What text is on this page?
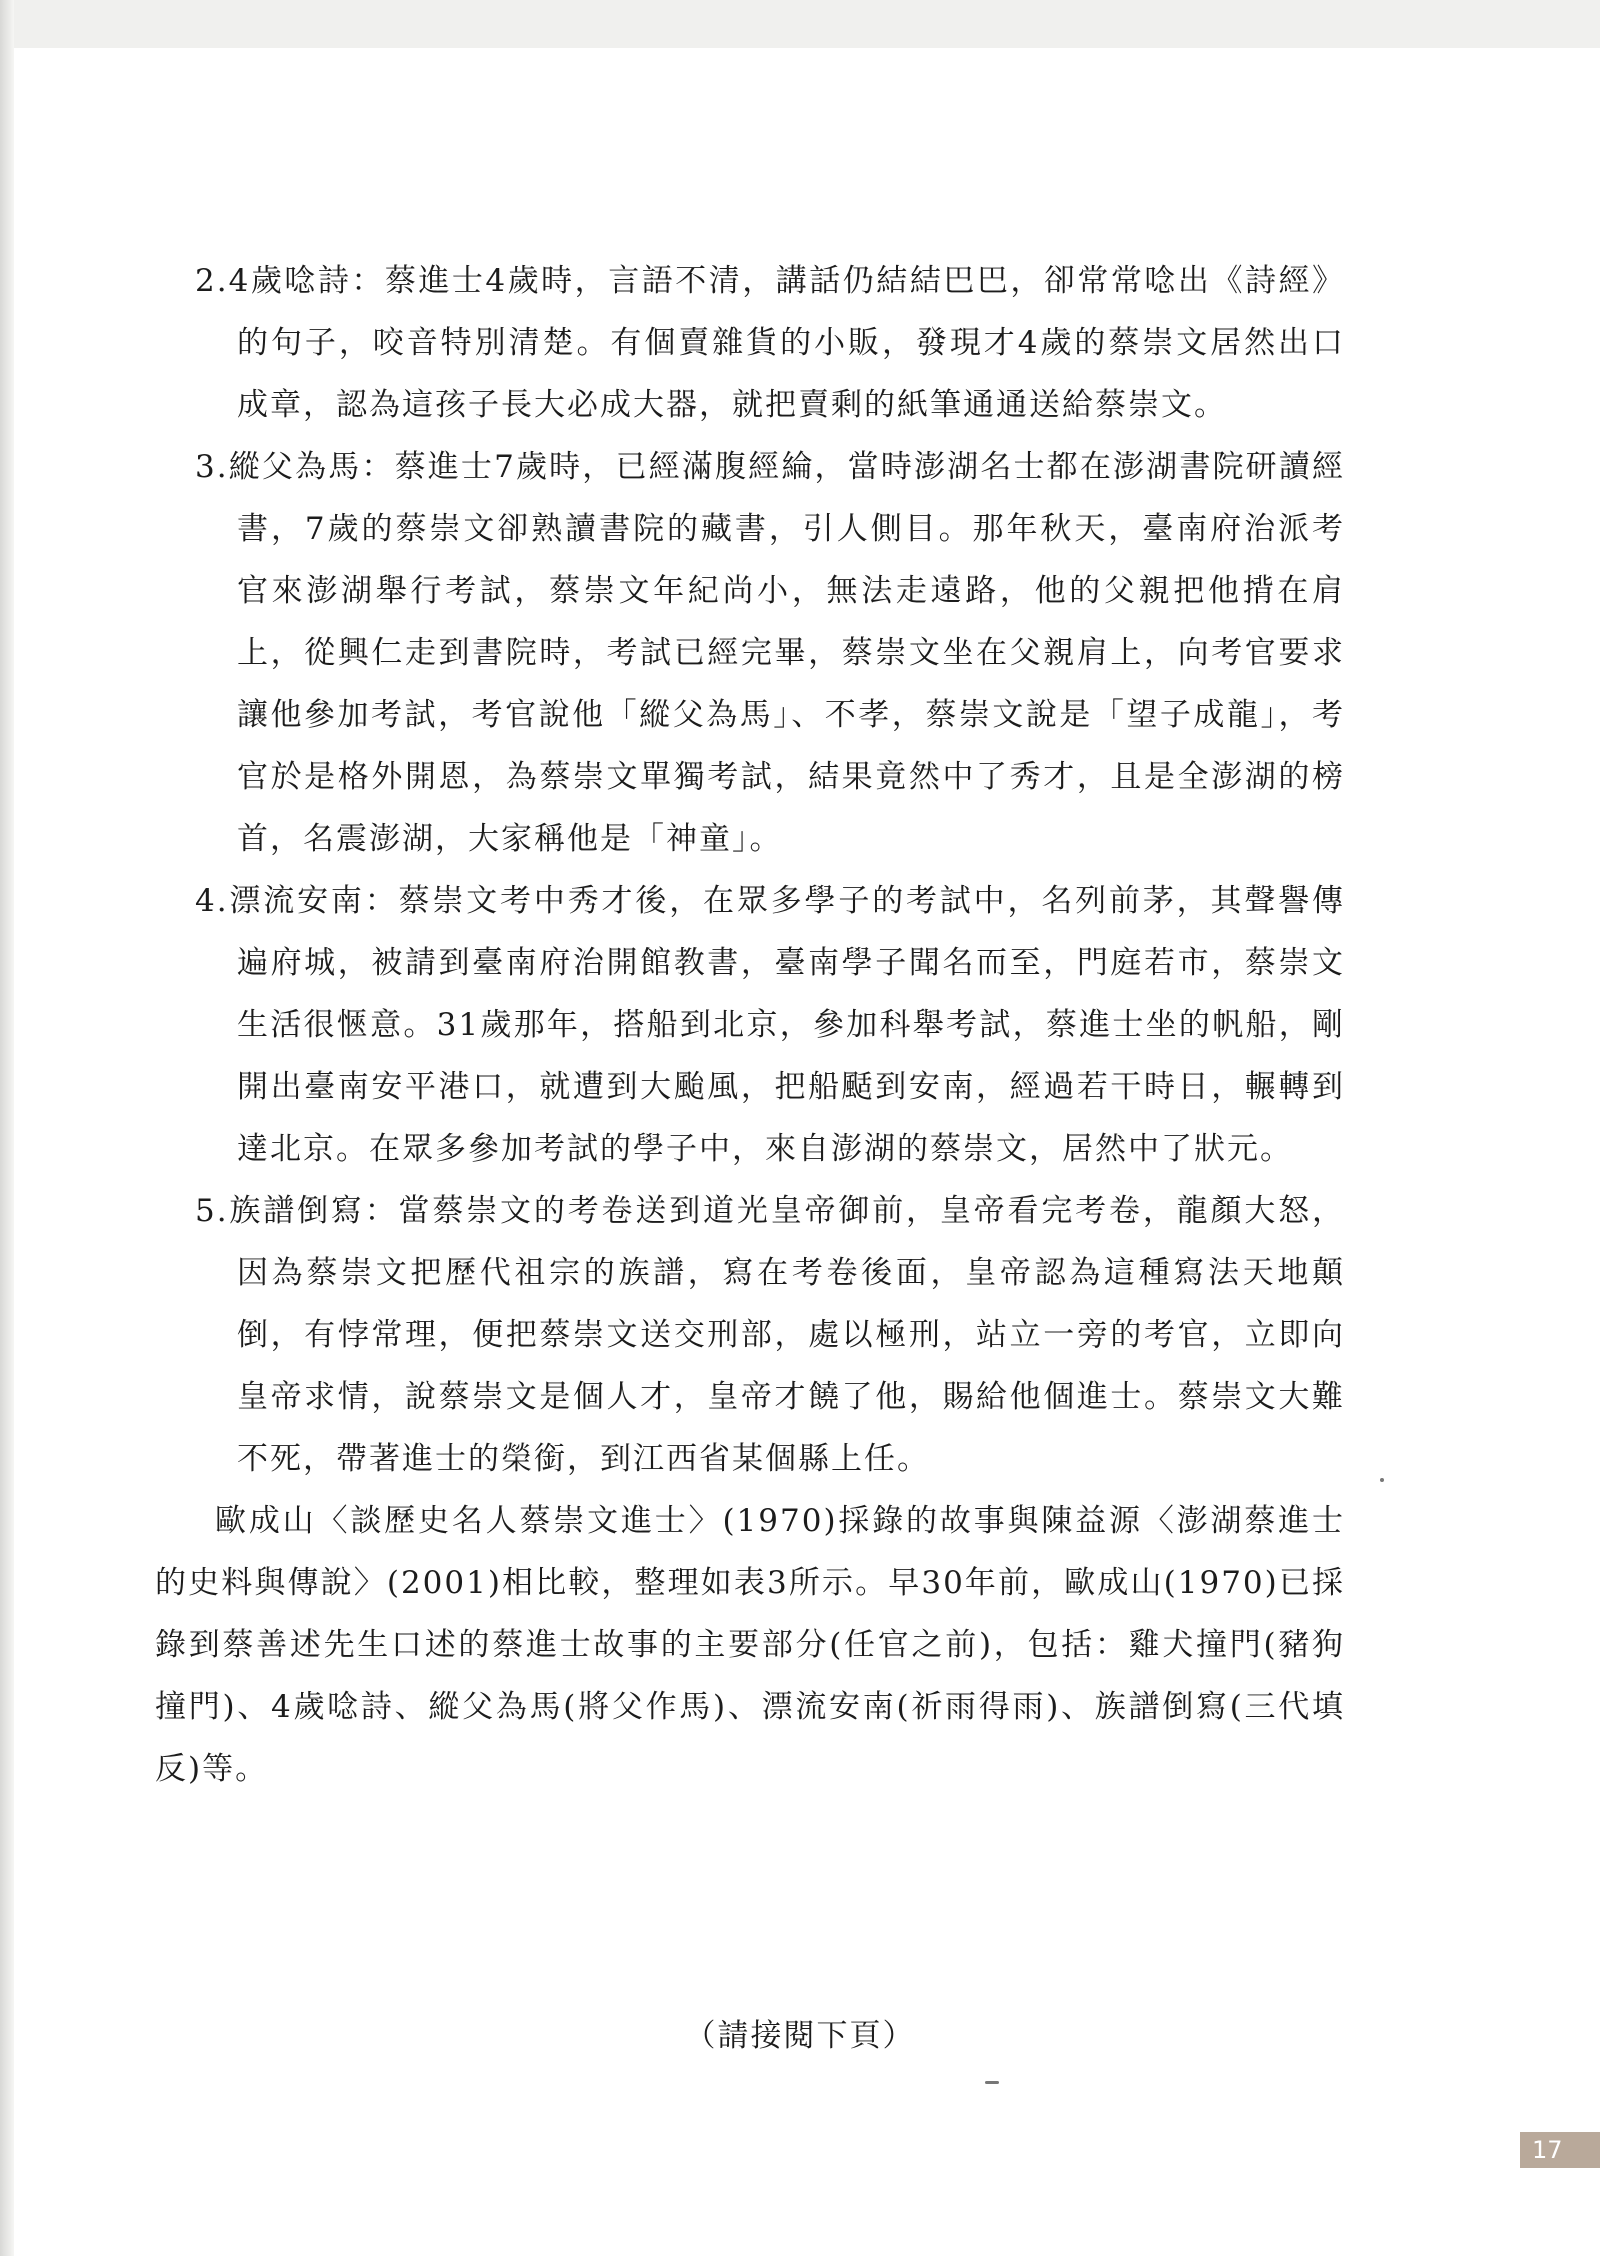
2.4歲唸詩：蔡進士4歲時，言語不清，講話仍結結巴巴，卻常常唸出《詩經》的句子，咬音特別清楚。有個賣雜貨的小販，發現才4歲的蔡崇文居然出口成章，認為這孩子長大必成大器，就把賣剩的紙筆通通送給蔡崇文。

3.縱父為馬：蔡進士7歲時，已經滿腹經綸，當時澎湖名士都在澎湖書院研讀經書，7歲的蔡崇文卻熟讀書院的藏書，引人側目。那年秋天，臺南府治派考官來澎湖舉行考試，蔡崇文年紀尚小，無法走遠路，他的父親把他揹在肩上，從興仁走到書院時，考試已經完畢，蔡崇文坐在父親肩上，向考官要求讓他參加考試，考官說他「縱父為馬」、不孝，蔡崇文說是「望子成龍」，考官於是格外開恩，為蔡崇文單獨考試，結果竟然中了秀才，且是全澎湖的榜首，名震澎湖，大家稱他是「神童」。

4.漂流安南：蔡崇文考中秀才後，在眾多學子的考試中，名列前茅，其聲譽傳遍府城，被請到臺南府治開館教書，臺南學子聞名而至，門庭若市，蔡崇文生活很愜意。31歲那年，搭船到北京，參加科舉考試，蔡進士坐的帆船，剛開出臺南安平港口，就遭到大颱風，把船颳到安南，經過若干時日，輾轉到達北京。在眾多參加考試的學子中，來自澎湖的蔡崇文，居然中了狀元。

5.族譜倒寫：當蔡崇文的考卷送到道光皇帝御前，皇帝看完考卷，龍顏大怒，因為蔡崇文把歷代祖宗的族譜，寫在考卷後面，皇帝認為這種寫法天地顛倒，有悖常理，便把蔡崇文送交刑部，處以極刑，站立一旁的考官，立即向皇帝求情，說蔡崇文是個人才，皇帝才饒了他，賜給他個進士。蔡崇文大難不死，帶著進士的榮銜，到江西省某個縣上任。

歐成山〈談歷史名人蔡崇文進士〉(1970)採錄的故事與陳益源〈澎湖蔡進士的史料與傳說〉(2001)相比較，整理如表3所示。早30年前，歐成山(1970)已採錄到蔡善述先生口述的蔡進士故事的主要部分(任官之前)，包括：雞犬撞門(豬狗撞門)、4歲唸詩、縱父為馬(將父作馬)、漂流安南(祈雨得雨)、族譜倒寫(三代填反)等。

（請接閱下頁）
17
